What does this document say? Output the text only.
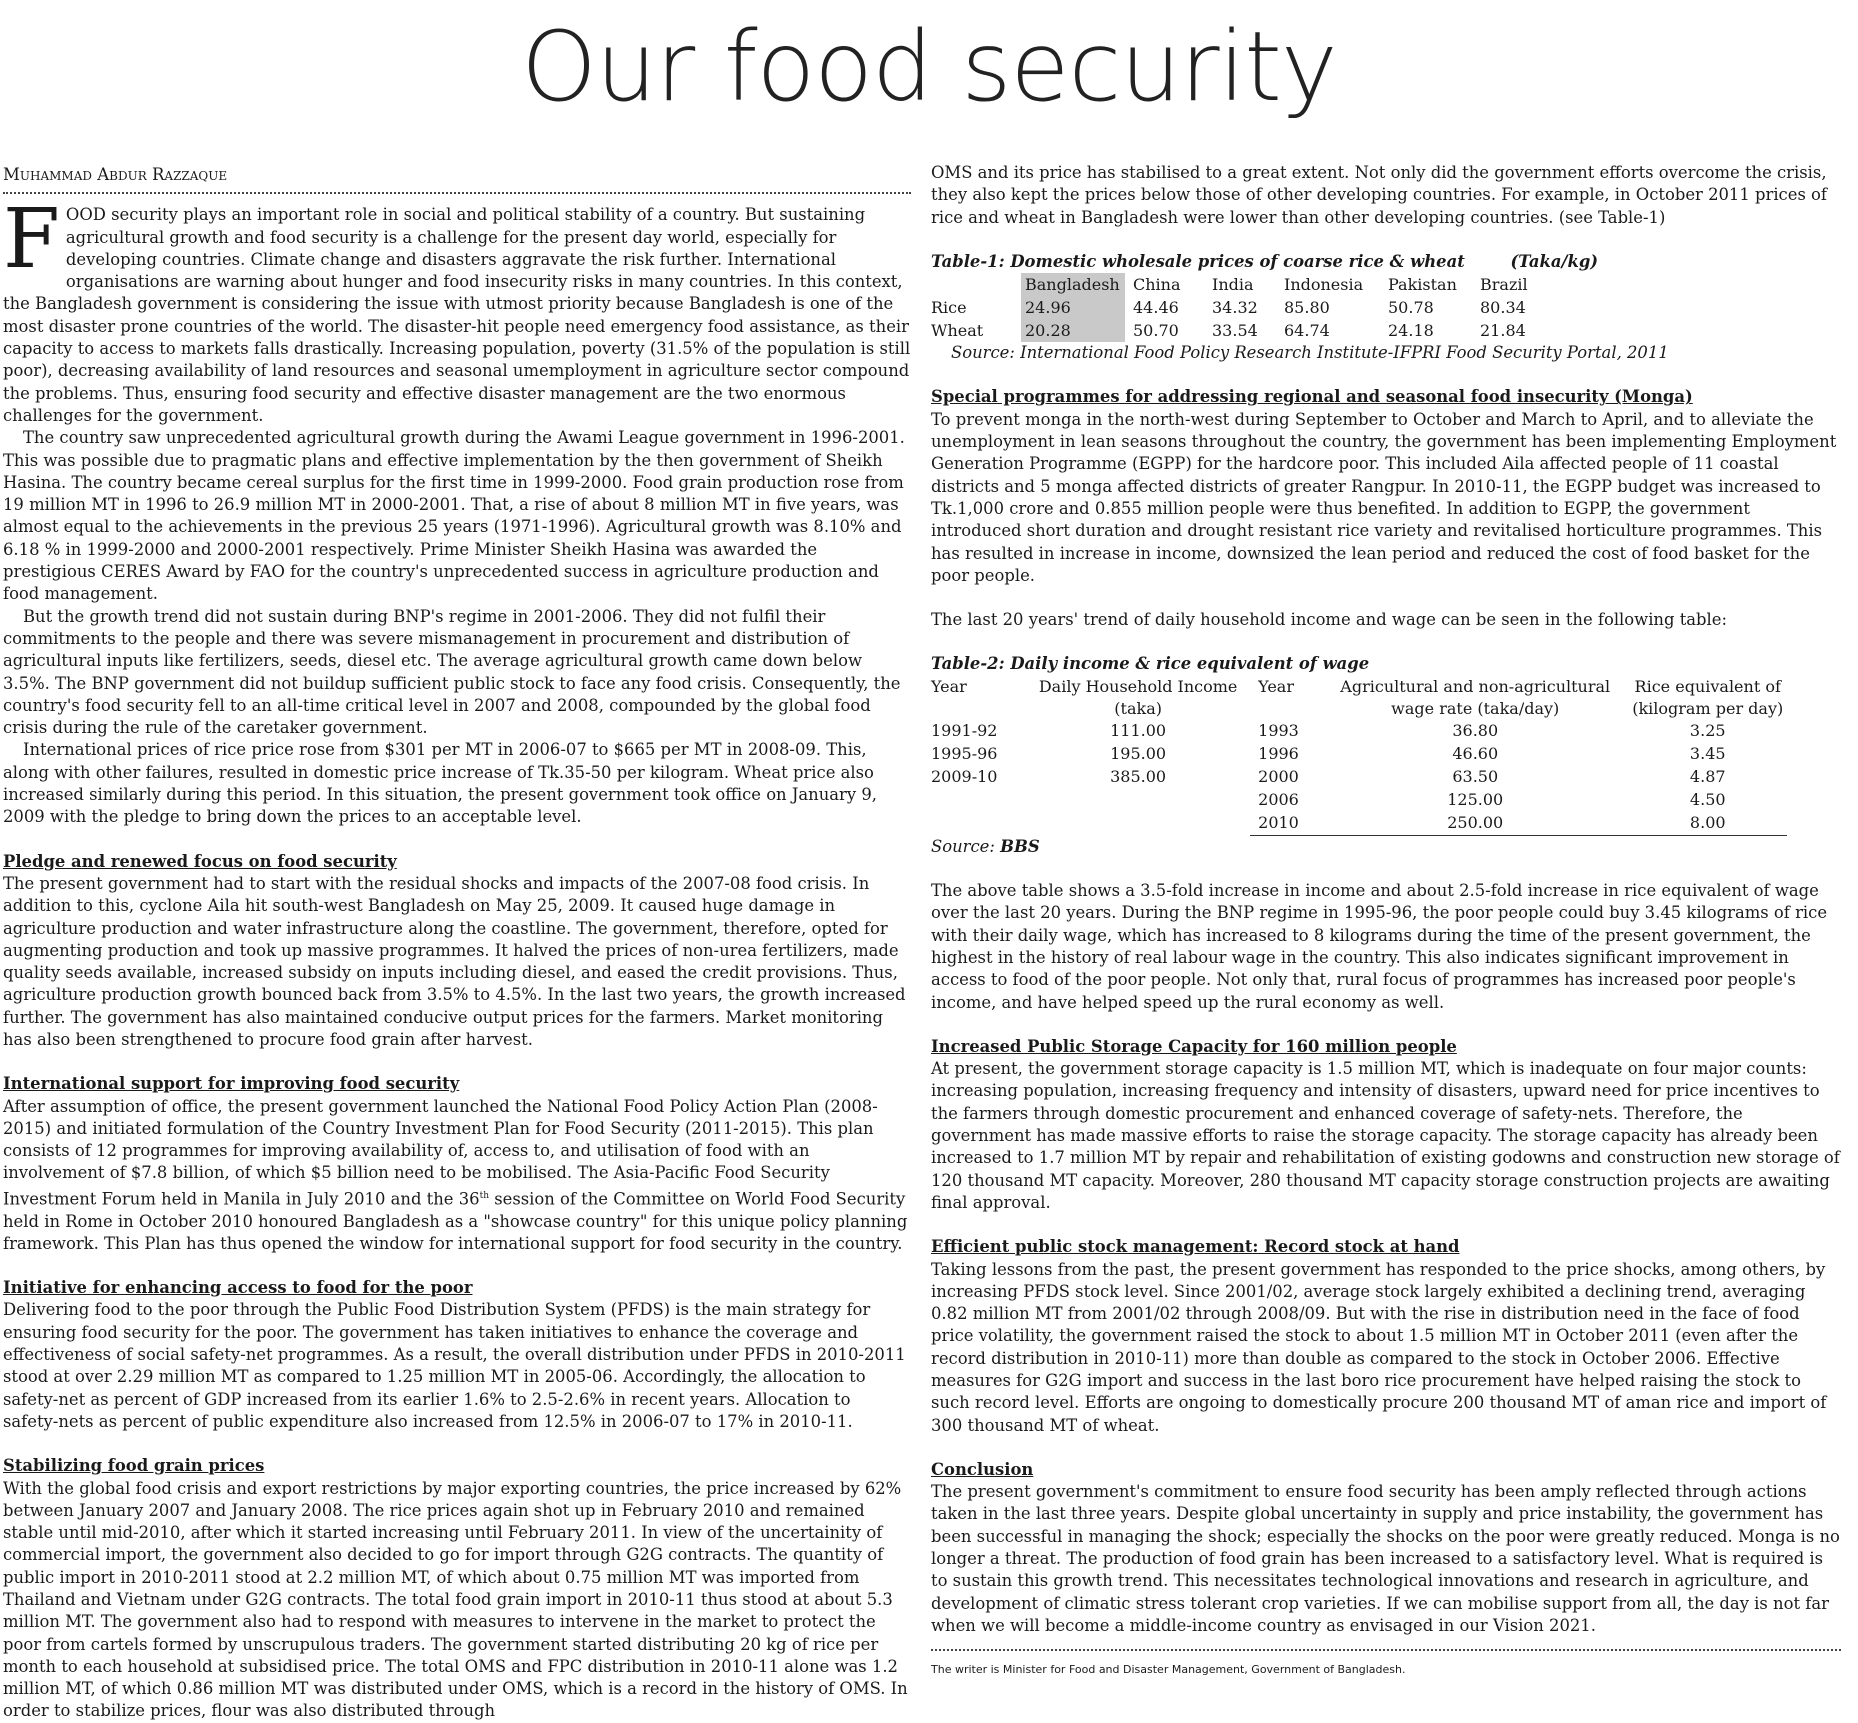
Our food security
Muhammad Abdur Razzaque

FOOD security plays an important role in social and political stability of a country. But sustaining agricultural growth and food security is a challenge for the present day world, especially for developing countries. Climate change and disasters aggravate the risk further. International organisations are warning about hunger and food insecurity risks in many countries. In this context, the Bangladesh government is considering the issue with utmost priority because Bangladesh is one of the most disaster prone countries of the world. The disaster-hit people need emergency food assistance, as their capacity to access to markets falls drastically. Increasing population, poverty (31.5% of the population is still poor), decreasing availability of land resources and seasonal umemployment in agriculture sector compound the problems. Thus, ensuring food security and effective disaster management are the two enormous challenges for the government.

The country saw unprecedented agricultural growth during the Awami League government in 1996-2001. This was possible due to pragmatic plans and effective implementation by the then government of Sheikh Hasina. The country became cereal surplus for the first time in 1999-2000. Food grain production rose from 19 million MT in 1996 to 26.9 million MT in 2000-2001. That, a rise of about 8 million MT in five years, was almost equal to the achievements in the previous 25 years (1971-1996). Agricultural growth was 8.10% and 6.18 % in 1999-2000 and 2000-2001 respectively. Prime Minister Sheikh Hasina was awarded the prestigious CERES Award by FAO for the country's unprecedented success in agriculture production and food management.

But the growth trend did not sustain during BNP's regime in 2001-2006. They did not fulfil their commitments to the people and there was severe mismanagement in procurement and distribution of agricultural inputs like fertilizers, seeds, diesel etc. The average agricultural growth came down below 3.5%. The BNP government did not buildup sufficient public stock to face any food crisis. Consequently, the country's food security fell to an all-time critical level in 2007 and 2008, compounded by the global food crisis during the rule of the caretaker government.

International prices of rice price rose from $301 per MT in 2006-07 to $665 per MT in 2008-09. This, along with other failures, resulted in domestic price increase of Tk.35-50 per kilogram. Wheat price also increased similarly during this period. In this situation, the present government took office on January 9, 2009 with the pledge to bring down the prices to an acceptable level.

Pledge and renewed focus on food security

The present government had to start with the residual shocks and impacts of the 2007-08 food crisis. In addition to this, cyclone Aila hit south-west Bangladesh on May 25, 2009. It caused huge damage in agriculture production and water infrastructure along the coastline. The government, therefore, opted for augmenting production and took up massive programmes. It halved the prices of non-urea fertilizers, made quality seeds available, increased subsidy on inputs including diesel, and eased the credit provisions. Thus, agriculture production growth bounced back from 3.5% to 4.5%. In the last two years, the growth increased further. The government has also maintained conducive output prices for the farmers. Market monitoring has also been strengthened to procure food grain after harvest.

International support for improving food security

After assumption of office, the present government launched the National Food Policy Action Plan (2008-2015) and initiated formulation of the Country Investment Plan for Food Security (2011-2015). This plan consists of 12 programmes for improving availability of, access to, and utilisation of food with an involvement of $7.8 billion, of which $5 billion need to be mobilised. The Asia-Pacific Food Security Investment Forum held in Manila in July 2010 and the 36th session of the Committee on World Food Security held in Rome in October 2010 honoured Bangladesh as a "showcase country" for this unique policy planning framework. This Plan has thus opened the window for international support for food security in the country.

Initiative for enhancing access to food for the poor

Delivering food to the poor through the Public Food Distribution System (PFDS) is the main strategy for ensuring food security for the poor. The government has taken initiatives to enhance the coverage and effectiveness of social safety-net programmes. As a result, the overall distribution under PFDS in 2010-2011 stood at over 2.29 million MT as compared to 1.25 million MT in 2005-06. Accordingly, the allocation to safety-net as percent of GDP increased from its earlier 1.6% to 2.5-2.6% in recent years. Allocation to safety-nets as percent of public expenditure also increased from 12.5% in 2006-07 to 17% in 2010-11.

Stabilizing food grain prices

With the global food crisis and export restrictions by major exporting countries, the price increased by 62% between January 2007 and January 2008. The rice prices again shot up in February 2010 and remained stable until mid-2010, after which it started increasing until February 2011. In view of the uncertainity of commercial import, the government also decided to go for import through G2G contracts. The quantity of public import in 2010-2011 stood at 2.2 million MT, of which about 0.75 million MT was imported from Thailand and Vietnam under G2G contracts. The total food grain import in 2010-11 thus stood at about 5.3 million MT. The government also had to respond with measures to intervene in the market to protect the poor from cartels formed by unscrupulous traders. The government started distributing 20 kg of rice per month to each household at subsidised price. The total OMS and FPC distribution in 2010-11 alone was 1.2 million MT, of which 0.86 million MT was distributed under OMS, which is a record in the history of OMS. In order to stabilize prices, flour was also distributed through

OMS and its price has stabilised to a great extent. Not only did the government efforts overcome the crisis, they also kept the prices below those of other developing countries. For example, in October 2011 prices of rice and wheat in Bangladesh were lower than other developing countries. (see Table-1)

Table-1: Domestic wholesale prices of coarse rice & wheat	(Taka/kg)
	Bangladesh	China	India	Indonesia	Pakistan	Brazil
Rice	24.96	44.46	34.32	85.80	50.78	80.34
Wheat	20.28	50.70	33.54	64.74	24.18	21.84
Source: International Food Policy Research Institute-IFPRI Food Security Portal, 2011
Special programmes for addressing regional and seasonal food insecurity (Monga)

To prevent monga in the north-west during September to October and March to April, and to alleviate the unemployment in lean seasons throughout the country, the government has been implementing Employment Generation Programme (EGPP) for the hardcore poor. This included Aila affected people of 11 coastal districts and 5 monga affected districts of greater Rangpur. In 2010-11, the EGPP budget was increased to Tk.1,000 crore and 0.855 million people were thus benefited. In addition to EGPP, the government introduced short duration and drought resistant rice variety and revitalised horticulture programmes. This has resulted in increase in income, downsized the lean period and reduced the cost of food basket for the poor people.

The last 20 years' trend of daily household income and wage can be seen in the following table:

Table-2: Daily income & rice equivalent of wage
Year	Daily Household Income (taka)	Year	Agricultural and non-agricultural wage rate (taka/day)	Rice equivalent of (kilogram per day)
1991-92	111.00	1993	36.80	3.25
1995-96	195.00	1996	46.60	3.45
2009-10	385.00	2000	63.50	4.87
		2006	125.00	4.50
		2010	250.00	8.00
Source: BBS

The above table shows a 3.5-fold increase in income and about 2.5-fold increase in rice equivalent of wage over the last 20 years. During the BNP regime in 1995-96, the poor people could buy 3.45 kilograms of rice with their daily wage, which has increased to 8 kilograms during the time of the present government, the highest in the history of real labour wage in the country. This also indicates significant improvement in access to food of the poor people. Not only that, rural focus of programmes has increased poor people's income, and have helped speed up the rural economy as well.

Increased Public Storage Capacity for 160 million people

At present, the government storage capacity is 1.5 million MT, which is inadequate on four major counts: increasing population, increasing frequency and intensity of disasters, upward need for price incentives to the farmers through domestic procurement and enhanced coverage of safety-nets. Therefore, the government has made massive efforts to raise the storage capacity. The storage capacity has already been increased to 1.7 million MT by repair and rehabilitation of existing godowns and construction new storage of 120 thousand MT capacity. Moreover, 280 thousand MT capacity storage construction projects are awaiting final approval.

Efficient public stock management: Record stock at hand

Taking lessons from the past, the present government has responded to the price shocks, among others, by increasing PFDS stock level. Since 2001/02, average stock largely exhibited a declining trend, averaging 0.82 million MT from 2001/02 through 2008/09. But with the rise in distribution need in the face of food price volatility, the government raised the stock to about 1.5 million MT in October 2011 (even after the record distribution in 2010-11) more than double as compared to the stock in October 2006. Effective measures for G2G import and success in the last boro rice procurement have helped raising the stock to such record level. Efforts are ongoing to domestically procure 200 thousand MT of aman rice and import of 300 thousand MT of wheat.

Conclusion

The present government's commitment to ensure food security has been amply reflected through actions taken in the last three years. Despite global uncertainty in supply and price instability, the government has been successful in managing the shock; especially the shocks on the poor were greatly reduced. Monga is no longer a threat. The production of food grain has been increased to a satisfactory level. What is required is to sustain this growth trend. This necessitates technological innovations and research in agriculture, and development of climatic stress tolerant crop varieties. If we can mobilise support from all, the day is not far when we will become a middle-income country as envisaged in our Vision 2021.

The writer is Minister for Food and Disaster Management, Government of Bangladesh.
